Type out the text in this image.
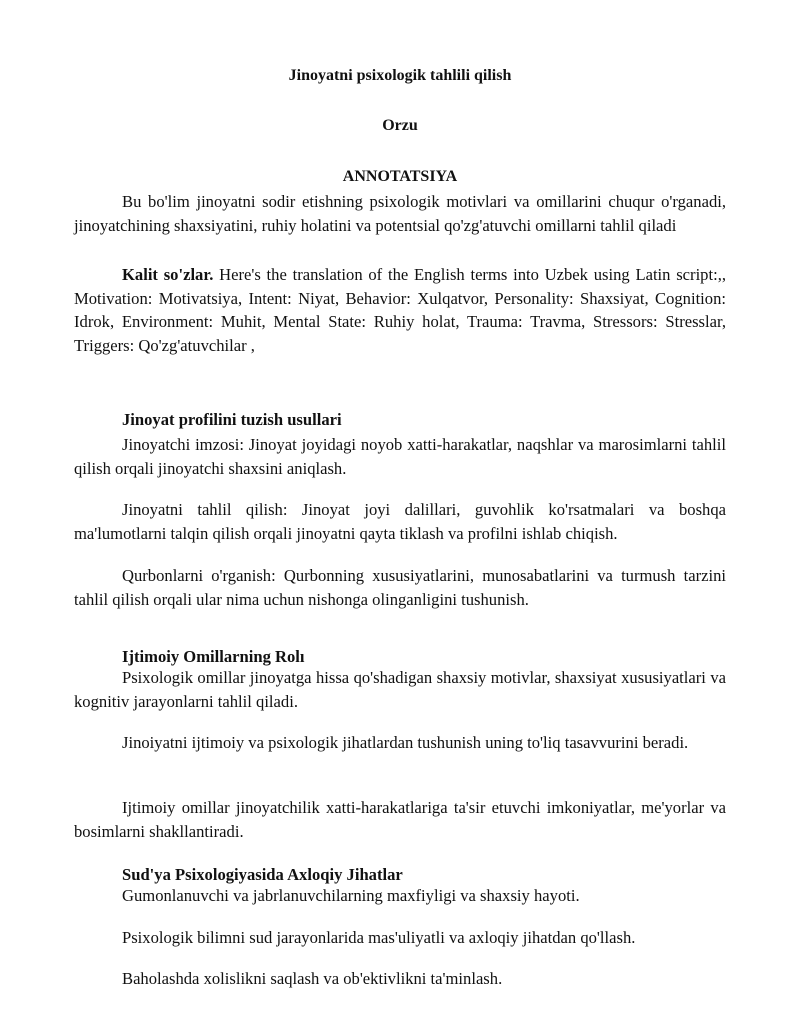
Jinoyatni psixologik tahlili qilish
Orzu
ANNOTATSIYA
Bu bo'lim jinoyatni sodir etishning psixologik motivlari va omillarini chuqur o'rganadi, jinoyatchining shaxsiyatini, ruhiy holatini va potentsial qo'zg'atuvchi omillarni tahlil qiladi
Kalit so'zlar. Here's the translation of the English terms into Uzbek using Latin script:,, Motivation: Motivatsiya, Intent: Niyat, Behavior: Xulqatvor, Personality: Shaxsiyat, Cognition: Idrok, Environment: Muhit, Mental State: Ruhiy holat, Trauma: Travma, Stressors: Stresslar, Triggers: Qo'zg'atuvchilar ,
Jinoyat profilini tuzish usullari
Jinoyatchi imzosi: Jinoyat joyidagi noyob xatti-harakatlar, naqshlar va marosimlarni tahlil qilish orqali jinoyatchi shaxsini aniqlash.
Jinoyatni tahlil qilish: Jinoyat joyi dalillari, guvohlik ko'rsatmalari va boshqa ma'lumotlarni talqin qilish orqali jinoyatni qayta tiklash va profilni ishlab chiqish.
Qurbonlarni o'rganish: Qurbonning xususiyatlarini, munosabatlarini va turmush tarzini tahlil qilish orqali ular nima uchun nishonga olinganligini tushunish.
Ijtimoiy Omillarning Rolı
Psixologik omillar jinoyatga hissa qo'shadigan shaxsiy motivlar, shaxsiyat xususiyatlari va kognitiv jarayonlarni tahlil qiladi.
Jinoiyatni ijtimoiy va psixologik jihatlardan tushunish uning to'liq tasavvurini beradi.
Ijtimoiy omillar jinoyatchilik xatti-harakatlariga ta'sir etuvchi imkoniyatlar, me'yorlar va bosimlarni shakllantiradi.
Sud'ya Psixologiyasida Axloqiy Jihatlar
Gumonlanuvchi va jabrlanuvchilarning maxfiyligi va shaxsiy hayoti.
Psixologik bilimni sud jarayonlarida mas'uliyatli va axloqiy jihatdan qo'llash.
Baholashda xolislikni saqlash va ob'ektivlikni ta'minlash.
